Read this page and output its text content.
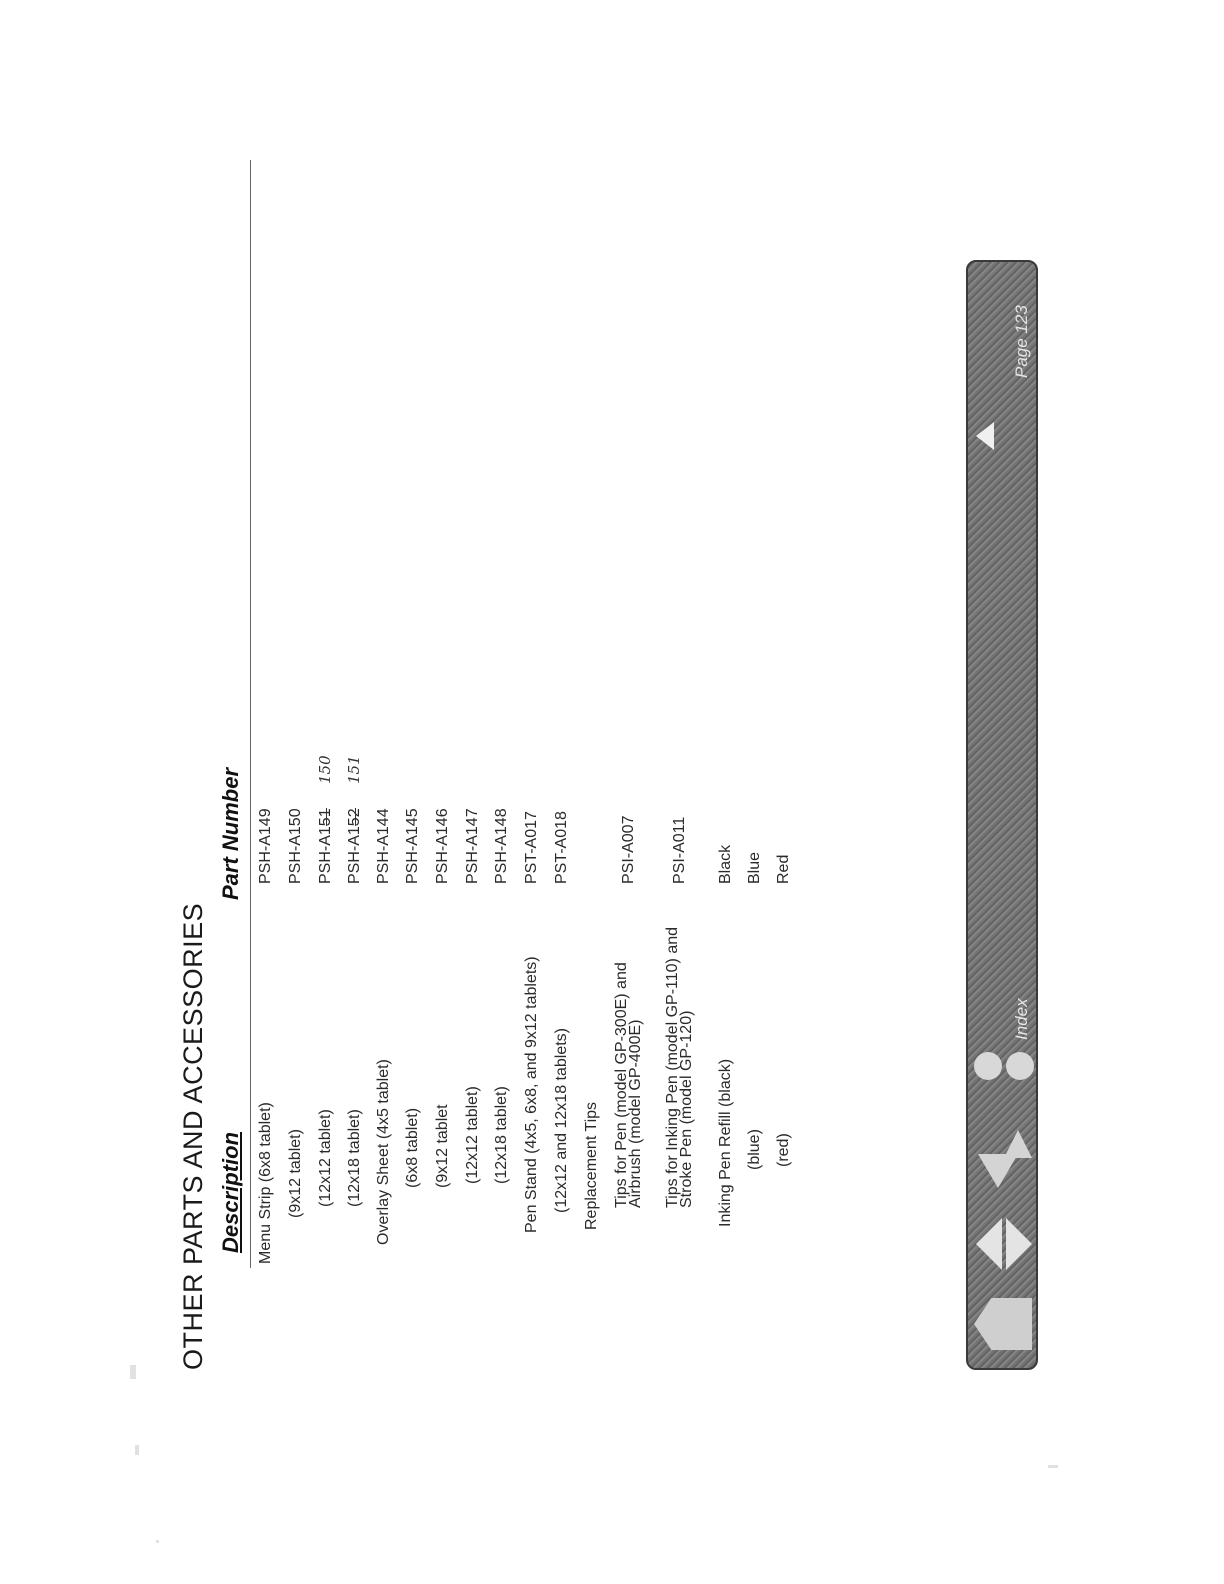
OTHER PARTS AND ACCESSORIES Description
Part Number
Menu Strip (6x8 tablet) (9x12 tablet) (12x12 tablet) (12x18 tablet) Overlay Sheet (4x5 tablet) (6x8 tablet) (9x12 tablet (12x12 tablet) (12x18 tablet) Pen Stand (4x5, 6x8, and 9x12 tablets) (12x12 and 12x18 tablets) Replacement Tips Tips for Pen (model GP-300E) and
Airbrush (model GP-400E) Tips for Inking Pen (model GP-110) and
Stroke Pen (model GP-120) Inking Pen Refill (black) (blue) (red)
PSH-A149 PSH-A150 PSH-A151
150
PSH-A152
151
PSH-A144 PSH-A145 PSH-A146 PSH-A147 PSH-A148 PST-A017 PST-A018	PSI-A007 PSI-A011 Black Blue Red
Index
Page 123
